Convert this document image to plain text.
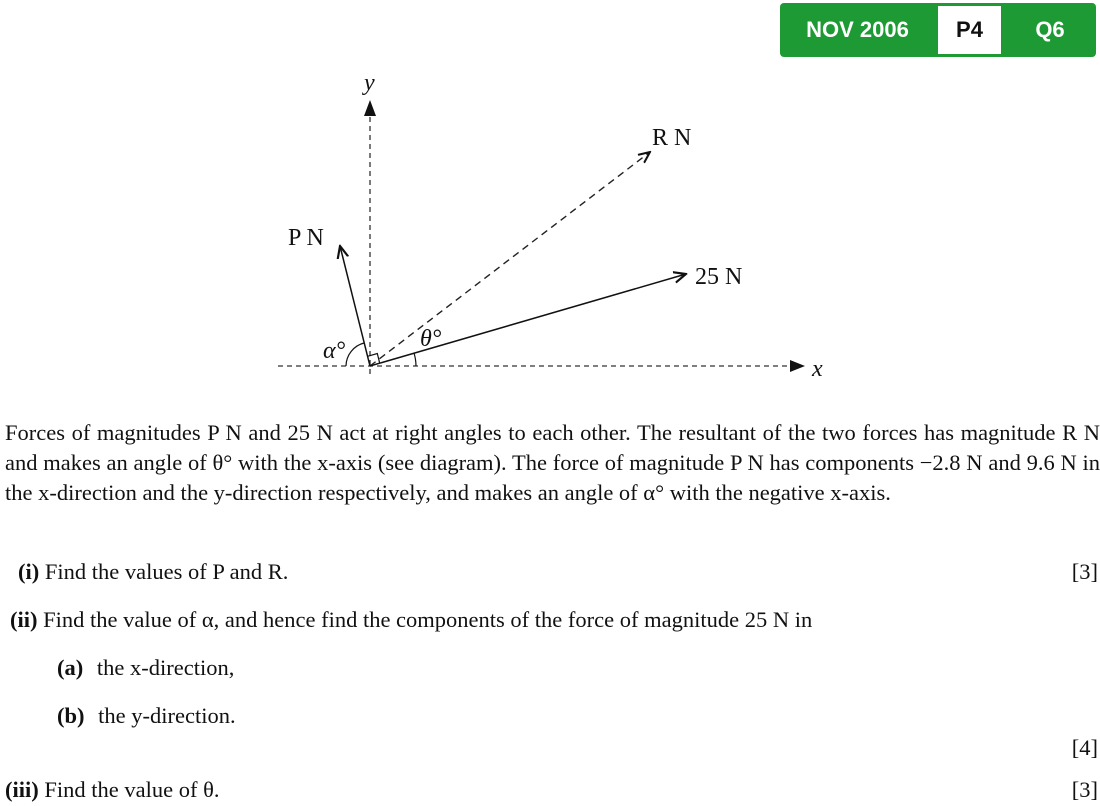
NOV 2006	P4	Q6
y
x
R N
25 N
P N
θ°
α°

Forces of magnitudes P N and 25 N act at right angles to each other. The resultant of the two forces has magnitude R N and makes an angle of θ° with the x-axis (see diagram). The force of magnitude P N has components −2.8 N and 9.6 N in the x-direction and the y-direction respectively, and makes an angle of α° with the negative x-axis.

(i) Find the values of P and R.	[3]
(ii) Find the value of α, and hence find the components of the force of magnitude 25 N in
(a) the x-direction,
(b) the y-direction.
[4]
(iii) Find the value of θ.	[3]
